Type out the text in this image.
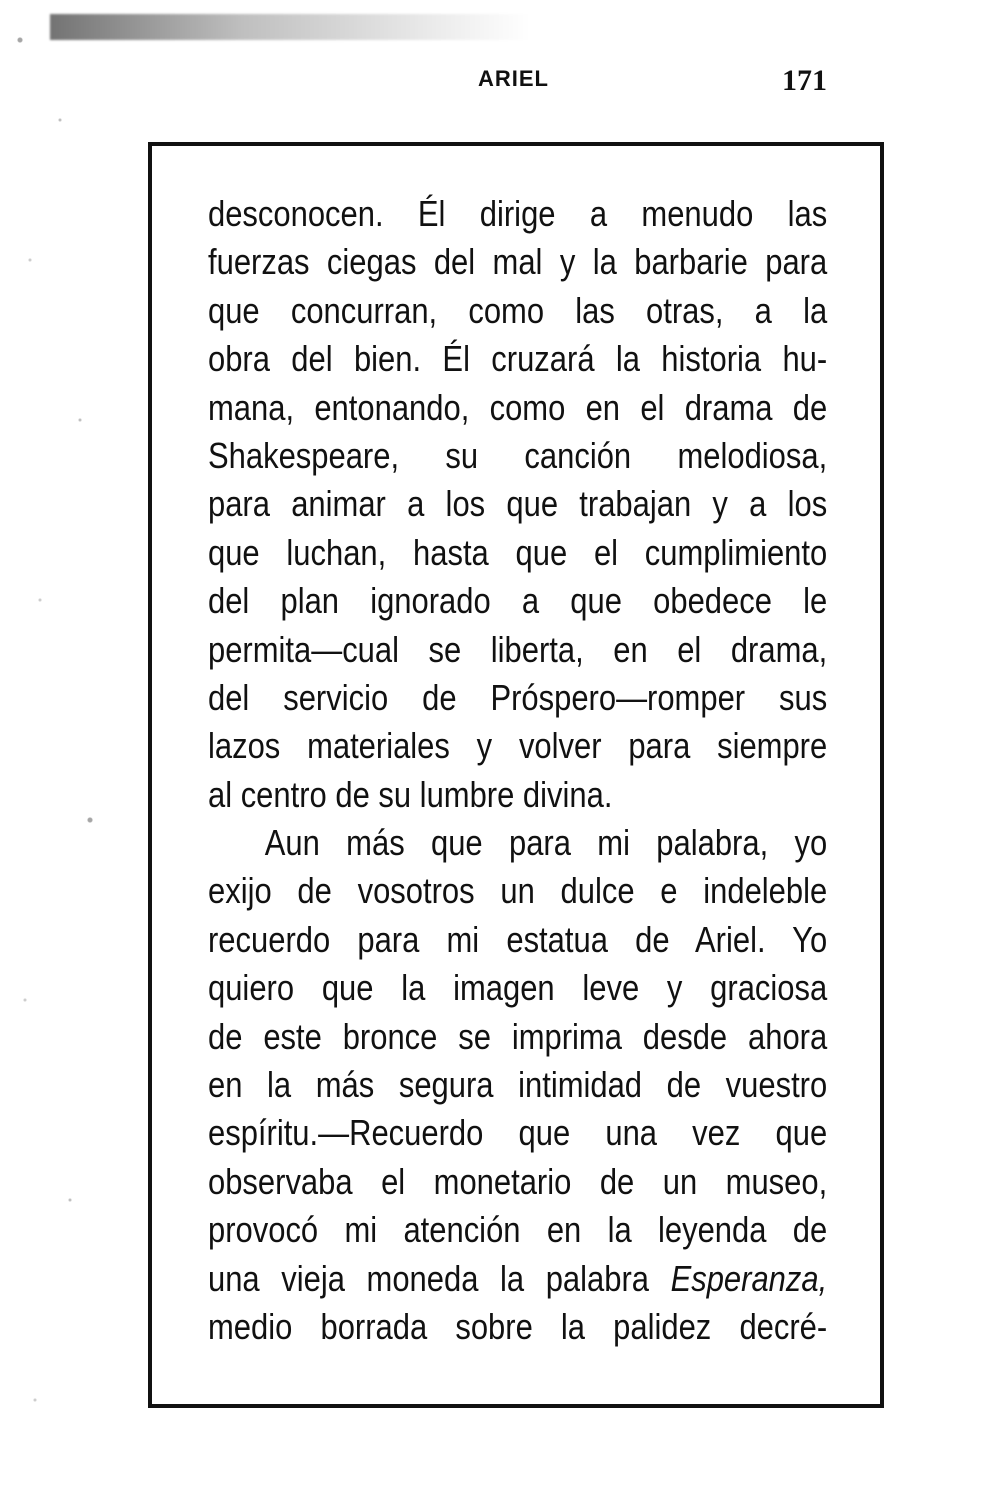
ARIEL	171
desconocen. Él dirige a menudo las
fuerzas ciegas del mal y la barbarie para
que concurran, como las otras, a la
obra del bien. Él cruzará la historia hu-
mana, entonando, como en el drama de
Shakespeare, su canción melodiosa,
para animar a los que trabajan y a los
que luchan, hasta que el cumplimiento
del plan ignorado a que obedece le
permita—cual se liberta, en el drama,
del servicio de Próspero—romper sus
lazos materiales y volver para siempre
al centro de su lumbre divina.
Aun más que para mi palabra, yo
exijo de vosotros un dulce e indeleble
recuerdo para mi estatua de Ariel. Yo
quiero que la imagen leve y graciosa
de este bronce se imprima desde ahora
en la más segura intimidad de vuestro
espíritu.—Recuerdo que una vez que
observaba el monetario de un museo,
provocó mi atención en la leyenda de
una vieja moneda la palabra Esperanza,
medio borrada sobre la palidez decré-
